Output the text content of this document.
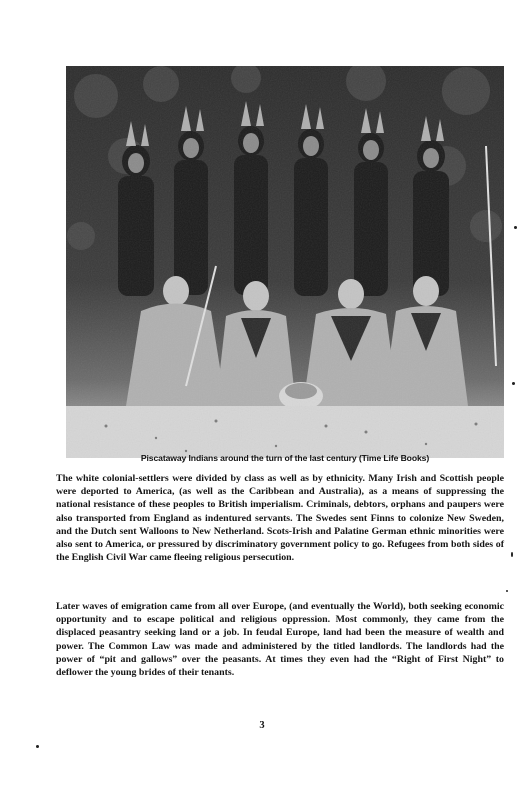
Piscataway Indians around the turn of the last century (Time Life Books)

The white colonial-settlers were divided by class as well as by ethnicity. Many Irish and Scottish people were deported to America, (as well as the Caribbean and Australia), as a means of suppressing the national resistance of these peoples to British imperialism. Criminals, debtors, orphans and paupers were also transported from England as indentured servants. The Swedes sent Finns to colonize New Sweden, and the Dutch sent Walloons to New Netherland. Scots-Irish and Palatine German ethnic minorities were also sent to America, or pressured by discriminatory government policy to go. Refugees from both sides of the English Civil War came fleeing religious persecution.

Later waves of emigration came from all over Europe, (and eventually the World), both seeking economic opportunity and to escape political and religious oppression. Most commonly, they came from the displaced peasantry seeking land or a job. In feudal Europe, land had been the measure of wealth and power. The Common Law was made and administered by the titled landlords. The landlords had the power of “pit and gallows” over the peasants. At times they even had the “Right of First Night” to deflower the young brides of their tenants.

3
